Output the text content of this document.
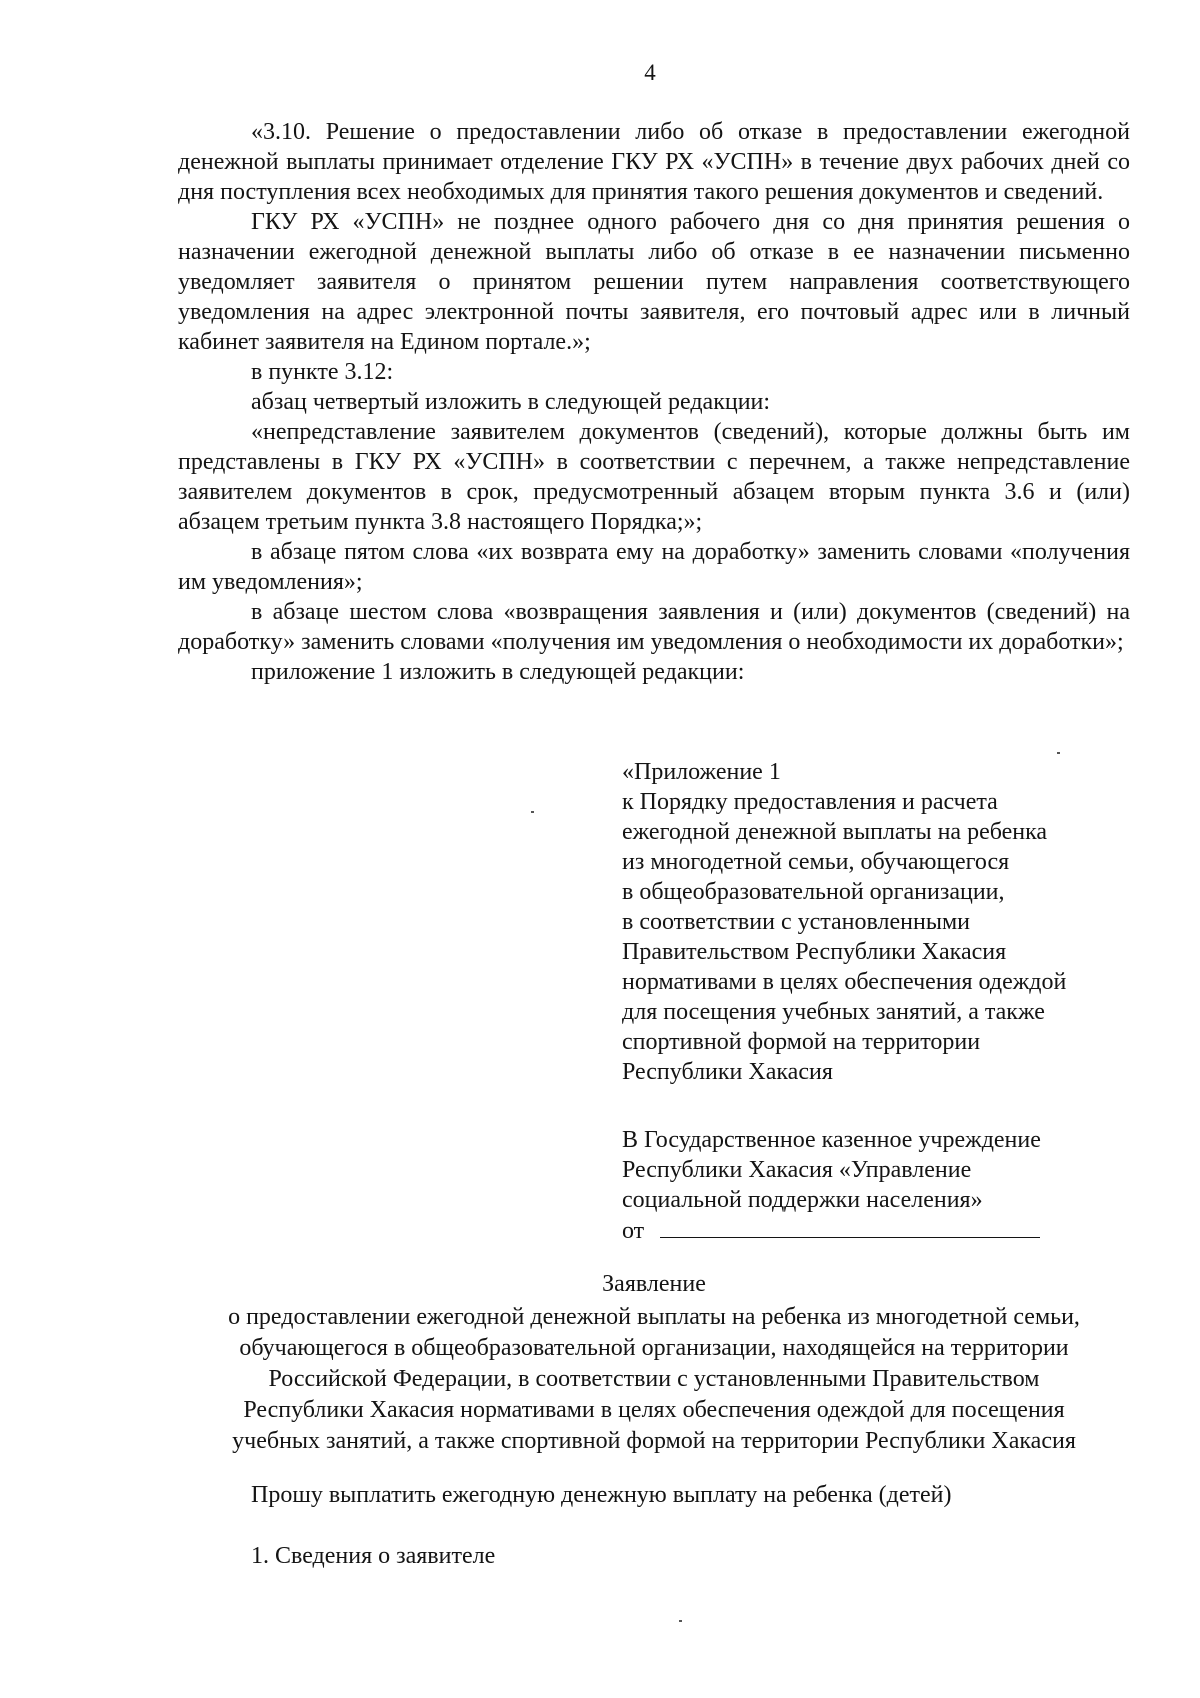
4

«3.10. Решение о предоставлении либо об отказе в предоставлении ежегодной денежной выплаты принимает отделение ГКУ РХ «УСПН» в течение двух рабочих дней со дня поступления всех необходимых для принятия такого решения документов и сведений.

ГКУ РХ «УСПН» не позднее одного рабочего дня со дня принятия решения о назначении ежегодной денежной выплаты либо об отказе в ее назначении письменно уведомляет заявителя о принятом решении путем направления соответствующего уведомления на адрес электронной почты заявителя, его почтовый адрес или в личный кабинет заявителя на Едином портале.»;

в пункте 3.12:

абзац четвертый изложить в следующей редакции:

«непредставление заявителем документов (сведений), которые должны быть им представлены в ГКУ РХ «УСПН» в соответствии с перечнем, а также непредставление заявителем документов в срок, предусмотренный абзацем вторым пункта 3.6 и (или) абзацем третьим пункта 3.8 настоящего Порядка;»;

в абзаце пятом слова «их возврата ему на доработку» заменить словами «получения им уведомления»;

в абзаце шестом слова «возвращения заявления и (или) документов (сведений) на доработку» заменить словами «получения им уведомления о необходимости их доработки»;

приложение 1 изложить в следующей редакции:

«Приложение 1
к Порядку предоставления и расчета
ежегодной денежной выплаты на ребенка
из многодетной семьи, обучающегося
в общеобразовательной организации,
в соответствии с установленными
Правительством Республики Хакасия
нормативами в целях обеспечения одеждой
для посещения учебных занятий, а также
спортивной формой на территории
Республики Хакасия
В Государственное казенное учреждение
Республики Хакасия «Управление
социальной поддержки населения»
от
Заявление
о предоставлении ежегодной денежной выплаты на ребенка из многодетной семьи,
обучающегося в общеобразовательной организации, находящейся на территории
Российской Федерации, в соответствии с установленными Правительством
Республики Хакасия нормативами в целях обеспечения одеждой для посещения
учебных занятий, а также спортивной формой на территории Республики Хакасия
Прошу выплатить ежегодную денежную выплату на ребенка (детей)
1. Сведения о заявителе
